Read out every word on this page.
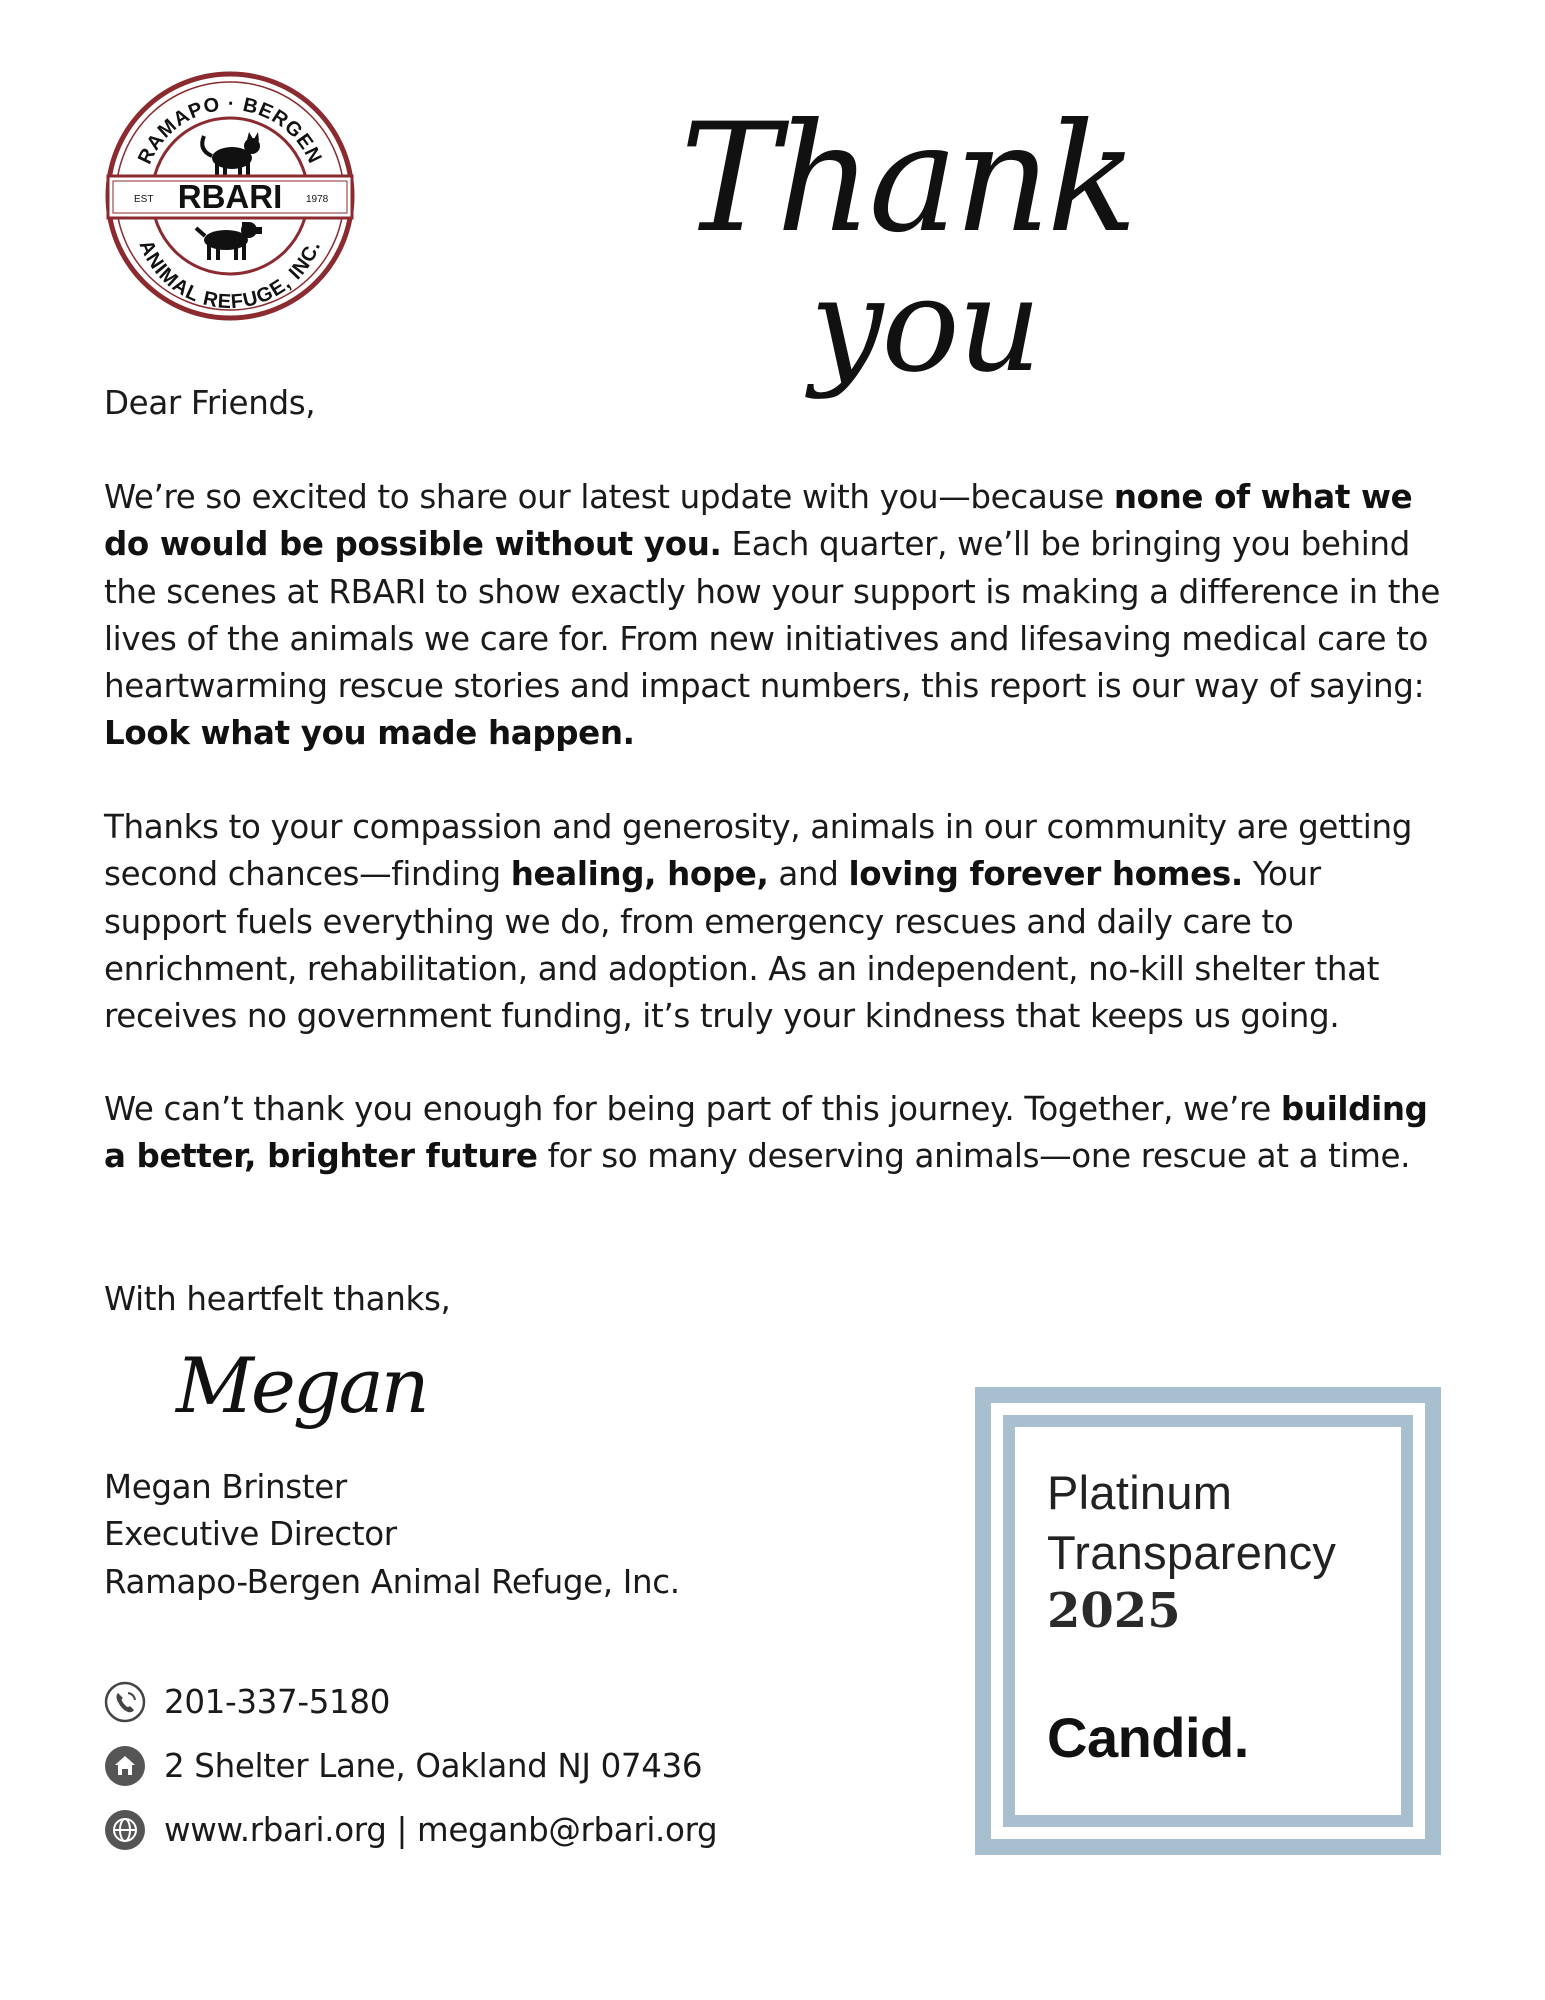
RAMAPO · BERGEN
ANIMAL REFUGE, INC.
EST RBARI 1978 Thank
you
Dear Friends,
We’re so excited to share our latest update with you—because none of what we do would be possible without you. Each quarter, we’ll be bringing you behind the scenes at RBARI to show exactly how your support is making a difference in the lives of the animals we care for. From new initiatives and lifesaving medical care to heartwarming rescue stories and impact numbers, this report is our way of saying: Look what you made happen.
Thanks to your compassion and generosity, animals in our community are getting second chances—finding healing, hope, and loving forever homes. Your support fuels everything we do, from emergency rescues and daily care to enrichment, rehabilitation, and adoption. As an independent, no-kill shelter that receives no government funding, it’s truly your kindness that keeps us going.
We can’t thank you enough for being part of this journey. Together, we’re building a better, brighter future for so many deserving animals—one rescue at a time.
With heartfelt thanks,
Megan
Megan Brinster
Executive Director
Ramapo-Bergen Animal Refuge, Inc.
201-337-5180
2 Shelter Lane, Oakland NJ 07436
www.rbari.org | meganb@rbari.org
Platinum
Transparency
2025
Candid.
